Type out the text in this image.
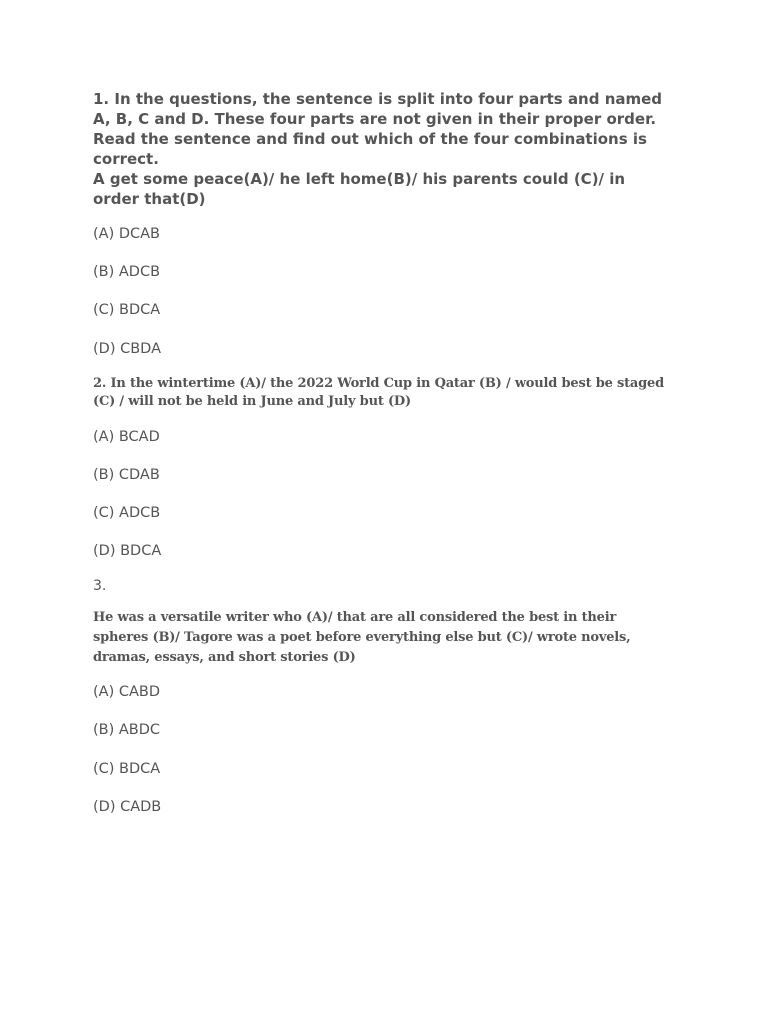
1. In the questions, the sentence is split into four parts and named A, B, C and D. These four parts are not given in their proper order. Read the sentence and find out which of the four combinations is correct.
A get some peace(A)/ he left home(B)/ his parents could (C)/ in order that(D)

(A) DCAB

(B) ADCB

(C) BDCA

(D) CBDA

2. In the wintertime (A)/ the 2022 World Cup in Qatar (B) / would best be staged (C) / will not be held in June and July but (D)

(A) BCAD

(B) CDAB

(C) ADCB

(D) BDCA

3.

He was a versatile writer who (A)/ that are all considered the best in their spheres (B)/ Tagore was a poet before everything else but (C)/ wrote novels, dramas, essays, and short stories (D)

(A) CABD

(B) ABDC

(C) BDCA

(D) CADB
